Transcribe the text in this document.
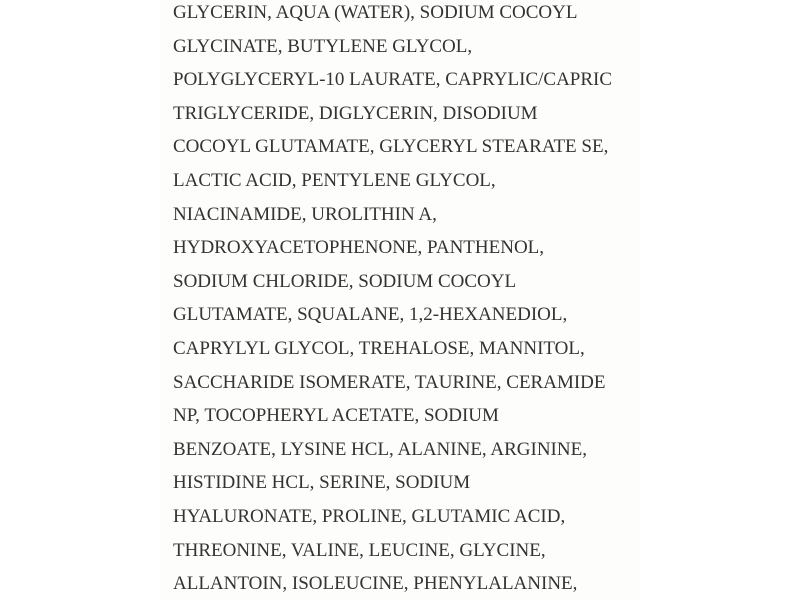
GLYCERIN, AQUA (WATER), SODIUM COCOYL
GLYCINATE, BUTYLENE GLYCOL,
POLYGLYCERYL-10 LAURATE, CAPRYLIC/CAPRIC
TRIGLYCERIDE, DIGLYCERIN, DISODIUM
COCOYL GLUTAMATE, GLYCERYL STEARATE SE,
LACTIC ACID, PENTYLENE GLYCOL,
NIACINAMIDE, UROLITHIN A,
HYDROXYACETOPHENONE, PANTHENOL,
SODIUM CHLORIDE, SODIUM COCOYL
GLUTAMATE, SQUALANE, 1,2-HEXANEDIOL,
CAPRYLYL GLYCOL, TREHALOSE, MANNITOL,
SACCHARIDE ISOMERATE, TAURINE, CERAMIDE
NP, TOCOPHERYL ACETATE, SODIUM
BENZOATE, LYSINE HCL, ALANINE, ARGININE,
HISTIDINE HCL, SERINE, SODIUM
HYALURONATE, PROLINE, GLUTAMIC ACID,
THREONINE, VALINE, LEUCINE, GLYCINE,
ALLANTOIN, ISOLEUCINE, PHENYLALANINE,
